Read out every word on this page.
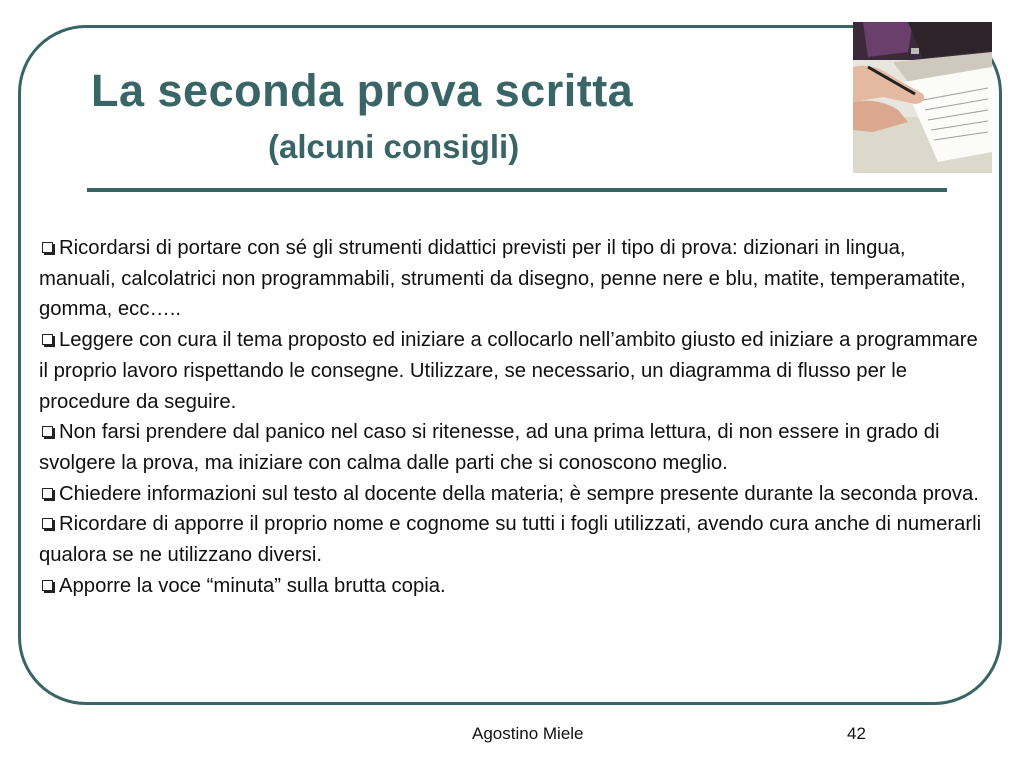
La seconda prova scritta
(alcuni consigli)
Ricordarsi di portare con sé gli strumenti didattici previsti per il tipo di prova: dizionari in lingua, manuali, calcolatrici non programmabili, strumenti da disegno, penne nere e blu, matite, temperamatite, gomma, ecc…..
Leggere con cura il tema proposto ed iniziare a collocarlo nell’ambito giusto ed iniziare a programmare il proprio lavoro rispettando le consegne. Utilizzare, se necessario, un diagramma di flusso per le procedure da seguire.
Non farsi prendere dal panico nel caso si ritenesse, ad una prima lettura, di non essere in grado di svolgere la prova, ma iniziare con calma dalle parti che si conoscono meglio.
Chiedere informazioni sul testo al docente della materia; è sempre presente durante la seconda prova.
Ricordare di apporre il proprio nome e cognome su tutti i fogli utilizzati, avendo cura anche di numerarli qualora se ne utilizzano diversi.
Apporre la voce “minuta” sulla brutta copia.
Agostino Miele	42
